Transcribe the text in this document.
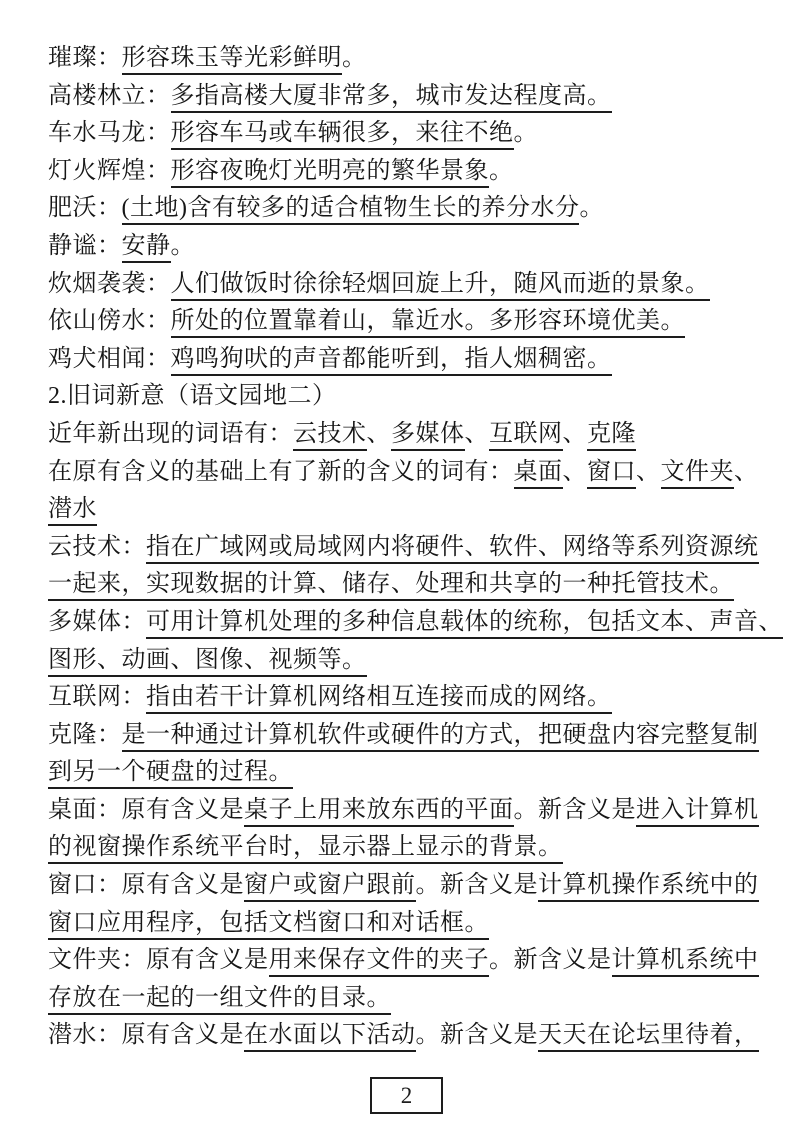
璀璨：形容珠玉等光彩鲜明。
高楼林立：多指高楼大厦非常多，城市发达程度高。
车水马龙：形容车马或车辆很多，来往不绝。
灯火辉煌：形容夜晚灯光明亮的繁华景象。
肥沃：(土地)含有较多的适合植物生长的养分水分。
静谧：安静。
炊烟袭袭：人们做饭时徐徐轻烟回旋上升，随风而逝的景象。
依山傍水：所处的位置靠着山，靠近水。多形容环境优美。
鸡犬相闻：鸡鸣狗吠的声音都能听到，指人烟稠密。
2.旧词新意（语文园地二）
近年新出现的词语有：云技术、多媒体、互联网、克隆
在原有含义的基础上有了新的含义的词有：桌面、窗口、文件夹、
潜水
云技术：指在广域网或局域网内将硬件、软件、网络等系列资源统
一起来，实现数据的计算、储存、处理和共享的一种托管技术。
多媒体：可用计算机处理的多种信息载体的统称，包括文本、声音、
图形、动画、图像、视频等。
互联网：指由若干计算机网络相互连接而成的网络。
克隆：是一种通过计算机软件或硬件的方式，把硬盘内容完整复制
到另一个硬盘的过程。
桌面：原有含义是桌子上用来放东西的平面。新含义是进入计算机
的视窗操作系统平台时，显示器上显示的背景。
窗口：原有含义是窗户或窗户跟前。新含义是计算机操作系统中的
窗口应用程序，包括文档窗口和对话框。
文件夹：原有含义是用来保存文件的夹子。新含义是计算机系统中
存放在一起的一组文件的目录。
潜水：原有含义是在水面以下活动。新含义是天天在论坛里待着，
2
